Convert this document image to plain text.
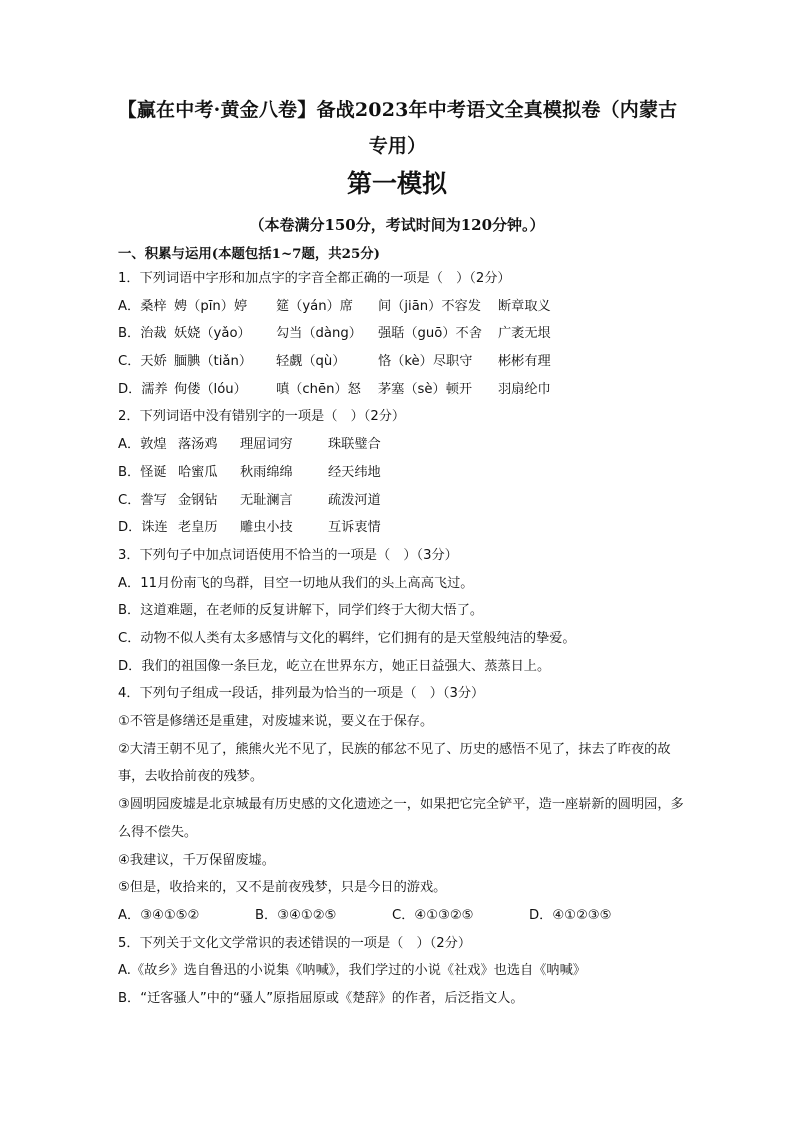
【赢在中考·黄金八卷】备战2023年中考语文全真模拟卷（内蒙古专用）
第一模拟
（本卷满分150分，考试时间为120分钟。）
一、积累与运用(本题包括1~7题，共25分)
1．下列词语中字形和加点字的字音全都正确的一项是（　）（2分）
A．桑梓 娉（pīn）婷 筵（yán）席 间（jiān）不容发 断章取义
B．治裁 妖娆（yǎo） 勾当（dàng） 强聒（guō）不舍 广袤无垠
C．天娇 腼腆（tiǎn） 轻觑（qù） 恪（kè）尽职守 彬彬有理
D．濡养 佝偻（lóu） 嗔（chēn）怒 茅塞（sè）顿开 羽扇纶巾
2．下列词语中没有错别字的一项是（　）（2分）
A．敦煌 落汤鸡 理屈词穷	珠联璧合
B．怪诞 哈蜜瓜 秋雨绵绵	经天纬地
C．誊写 金钢钻 无耻澜言	疏泼河道
D．诛连 老皇历 雕虫小技	互诉衷情
3．下列句子中加点词语使用不恰当的一项是（　）（3分）
A．11月份南飞的鸟群，目空一切地从我们的头上高高飞过。
B．这道难题，在老师的反复讲解下，同学们终于大彻大悟了。
C．动物不似人类有太多感情与文化的羁绊，它们拥有的是天堂般纯洁的挚爱。
D．我们的祖国像一条巨龙，屹立在世界东方，她正日益强大、蒸蒸日上。
4．下列句子组成一段话，排列最为恰当的一项是（　）（3分）
①不管是修缮还是重建，对废墟来说，要义在于保存。
②大清王朝不见了，熊熊火光不见了，民族的郁忿不见了、历史的感悟不见了，抹去了昨夜的故事，去收拾前夜的残梦。
③圆明园废墟是北京城最有历史感的文化遗迹之一，如果把它完全铲平，造一座崭新的圆明园，多么得不偿失。
④我建议，千万保留废墟。
⑤但是，收拾来的，又不是前夜残梦，只是今日的游戏。
A．③④①⑤②	B．③④①②⑤	C．④①③②⑤	D．④①②③⑤
5．下列关于文化文学常识的表述错误的一项是（　）（2分）
A.《故乡》选自鲁迅的小说集《呐喊》，我们学过的小说《社戏》也选自《呐喊》
B．“迁客骚人”中的“骚人”原指屈原或《楚辞》的作者，后泛指文人。
